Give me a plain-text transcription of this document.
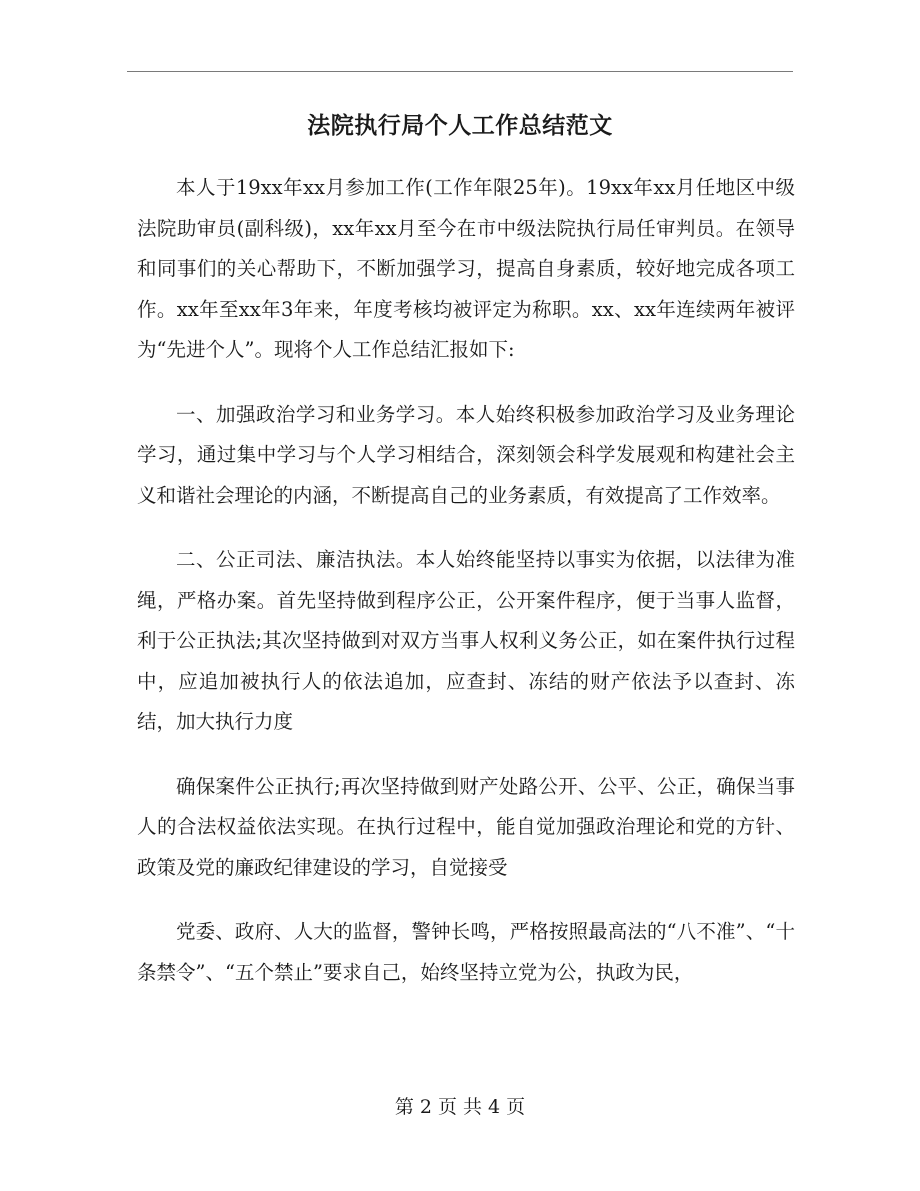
法院执行局个人工作总结范文

本人于19xx年xx月参加工作(工作年限25年)。19xx年xx月任地区中级法院助审员(副科级)，xx年xx月至今在市中级法院执行局任审判员。在领导和同事们的关心帮助下，不断加强学习，提高自身素质，较好地完成各项工作。xx年至xx年3年来，年度考核均被评定为称职。xx、xx年连续两年被评为“先进个人”。现将个人工作总结汇报如下:

一、加强政治学习和业务学习。本人始终积极参加政治学习及业务理论学习，通过集中学习与个人学习相结合，深刻领会科学发展观和构建社会主义和谐社会理论的内涵，不断提高自己的业务素质，有效提高了工作效率。

二、公正司法、廉洁执法。本人始终能坚持以事实为依据，以法律为准绳，严格办案。首先坚持做到程序公正，公开案件程序，便于当事人监督，利于公正执法;其次坚持做到对双方当事人权利义务公正，如在案件执行过程中，应追加被执行人的依法追加，应查封、冻结的财产依法予以查封、冻结，加大执行力度

确保案件公正执行;再次坚持做到财产处路公开、公平、公正，确保当事人的合法权益依法实现。在执行过程中，能自觉加强政治理论和党的方针、政策及党的廉政纪律建设的学习，自觉接受

党委、政府、人大的监督，警钟长鸣，严格按照最高法的“八不准”、“十条禁令”、“五个禁止”要求自己，始终坚持立党为公，执政为民，

第 2 页 共 4 页
